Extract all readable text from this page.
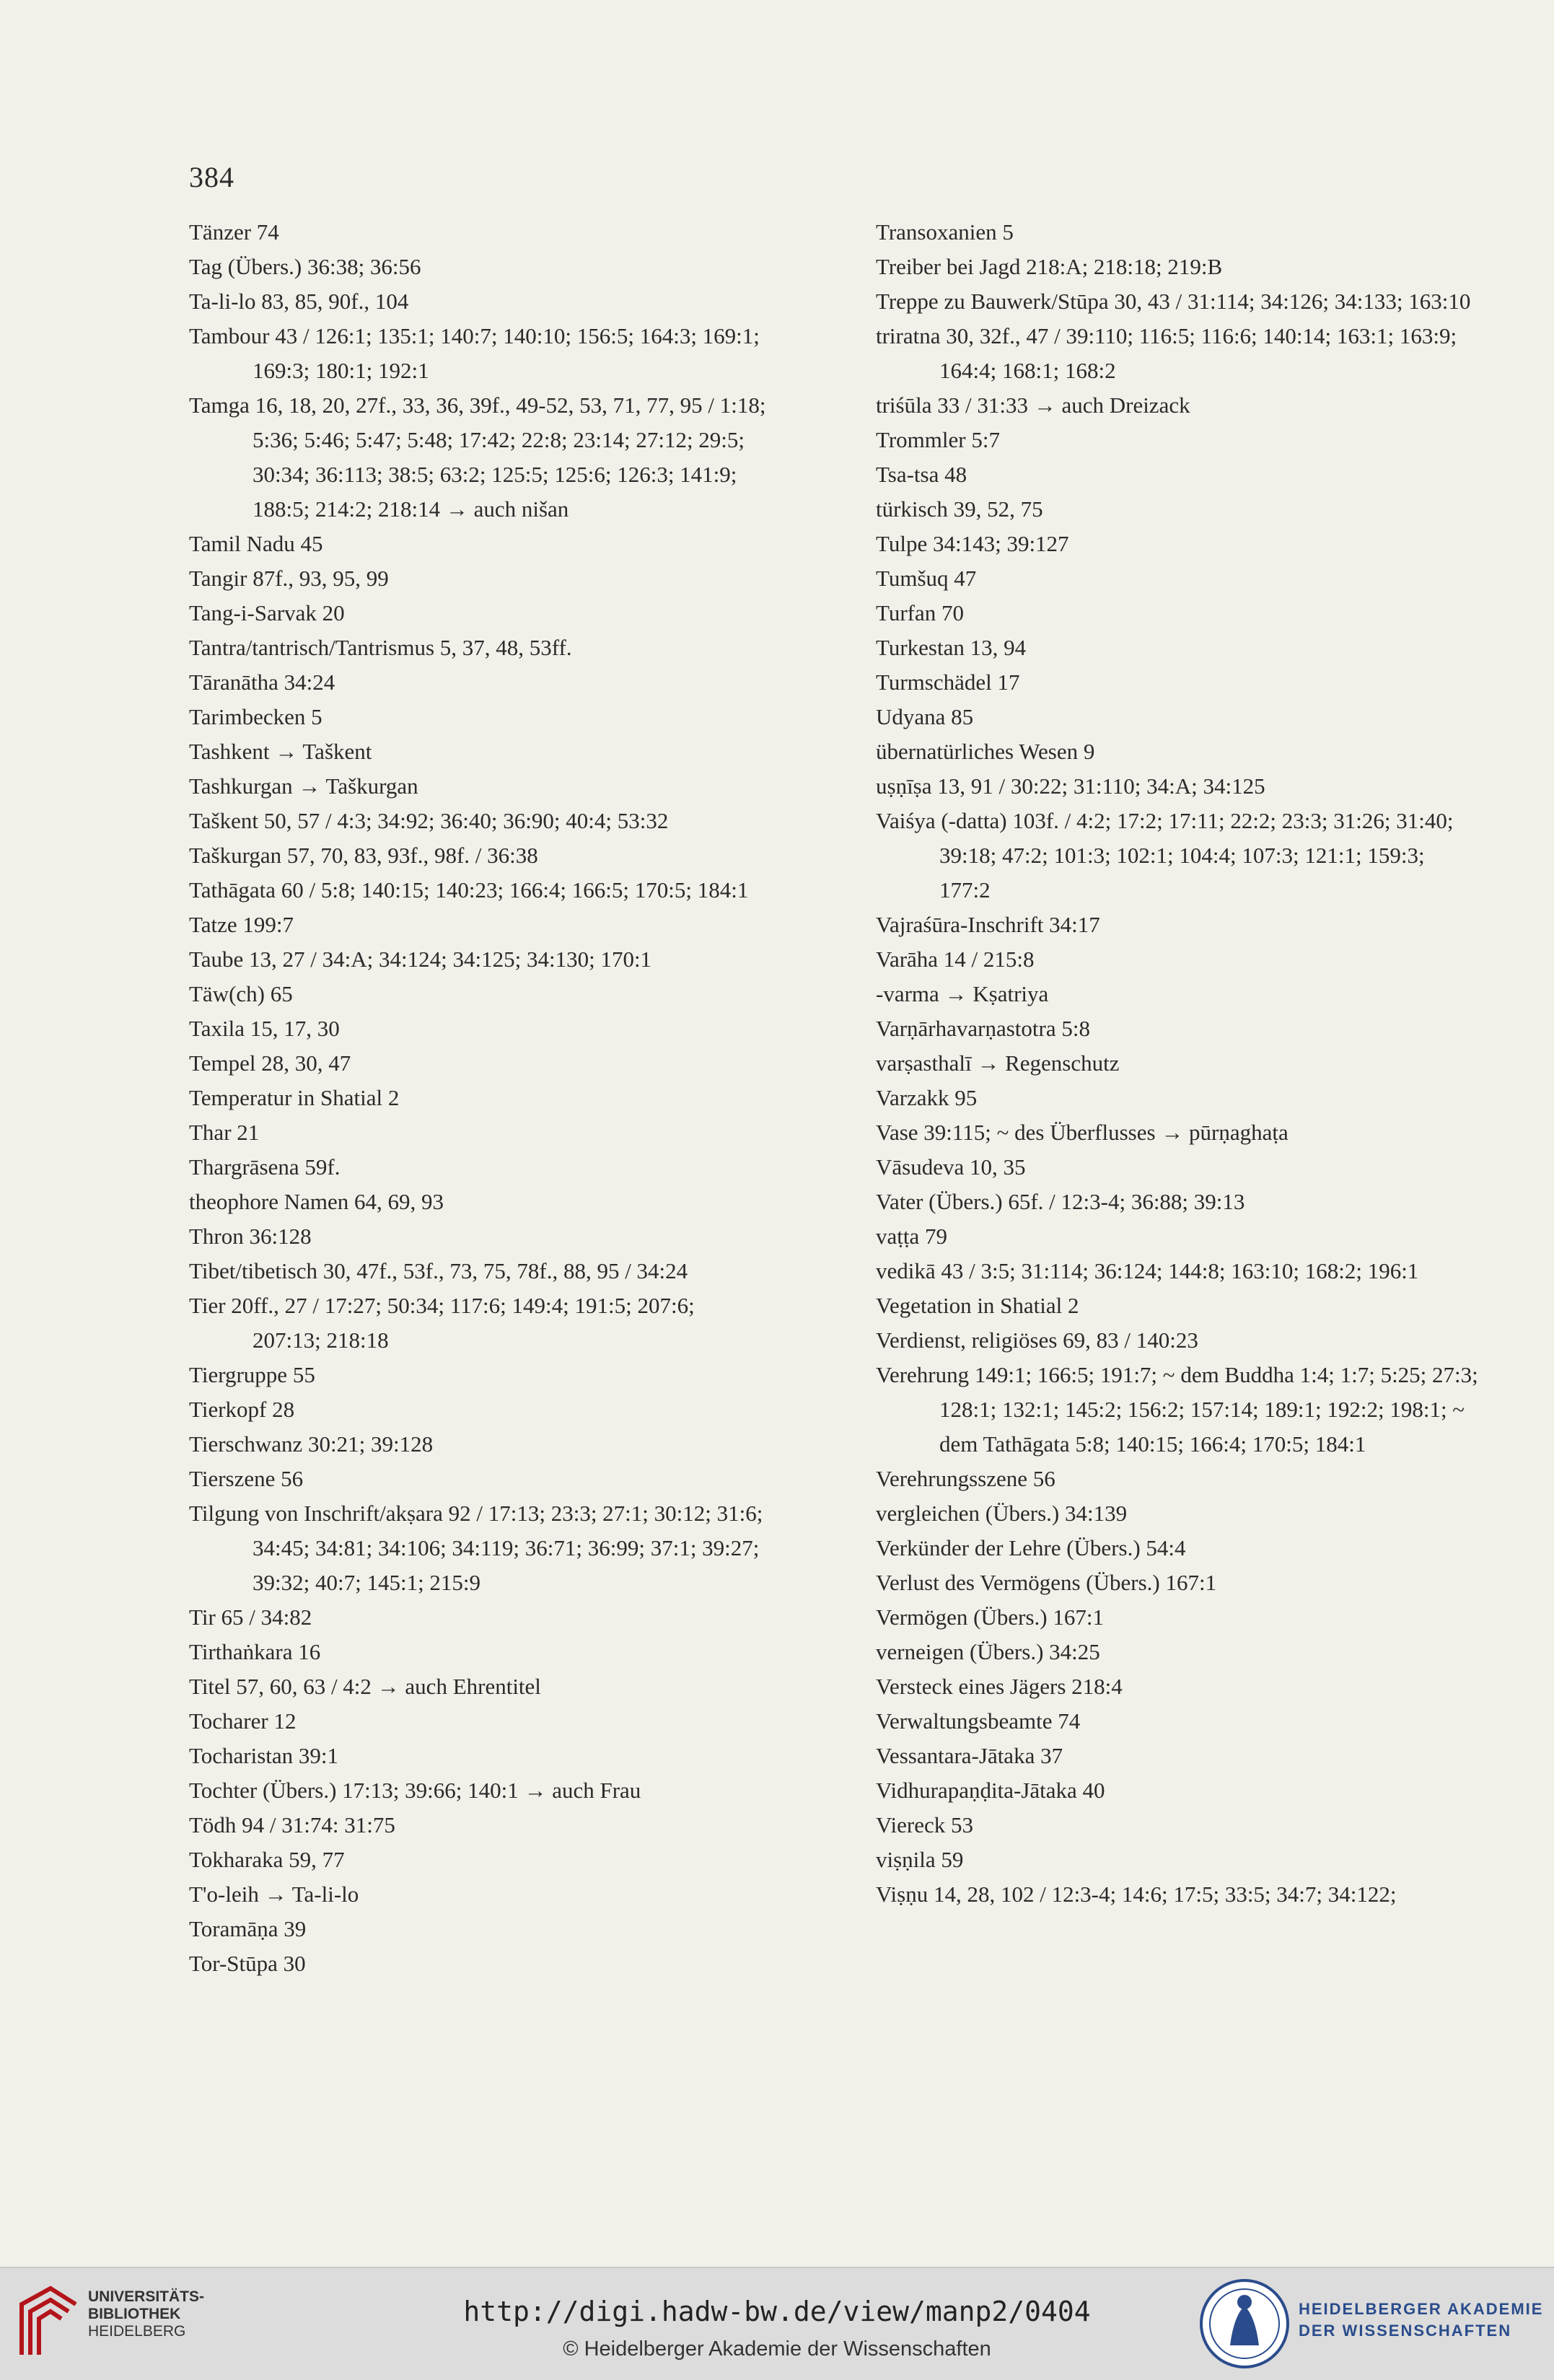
384
Tänzer 74
Tag (Übers.) 36:38; 36:56
Ta-li-lo 83, 85, 90f., 104
Tambour 43 / 126:1; 135:1; 140:7; 140:10; 156:5; 164:3; 169:1; 169:3; 180:1; 192:1
Tamga 16, 18, 20, 27f., 33, 36, 39f., 49-52, 53, 71, 77, 95 / 1:18; 5:36; 5:46; 5:47; 5:48; 17:42; 22:8; 23:14; 27:12; 29:5; 30:34; 36:113; 38:5; 63:2; 125:5; 125:6; 126:3; 141:9; 188:5; 214:2; 218:14 → auch nišan
Tamil Nadu 45
Tangir 87f., 93, 95, 99
Tang-i-Sarvak 20
Tantra/tantrisch/Tantrismus 5, 37, 48, 53ff.
Tāranātha 34:24
Tarimbecken 5
Tashkent → Taškent
Tashkurgan → Taškurgan
Taškent 50, 57 / 4:3; 34:92; 36:40; 36:90; 40:4; 53:32
Taškurgan 57, 70, 83, 93f., 98f. / 36:38
Tathāgata 60 / 5:8; 140:15; 140:23; 166:4; 166:5; 170:5; 184:1
Tatze 199:7
Taube 13, 27 / 34:A; 34:124; 34:125; 34:130; 170:1
Täw(ch) 65
Taxila 15, 17, 30
Tempel 28, 30, 47
Temperatur in Shatial 2
Thar 21
Thargrāsena 59f.
theophore Namen 64, 69, 93
Thron 36:128
Tibet/tibetisch 30, 47f., 53f., 73, 75, 78f., 88, 95 / 34:24
Tier 20ff., 27 / 17:27; 50:34; 117:6; 149:4; 191:5; 207:6; 207:13; 218:18
Tiergruppe 55
Tierkopf 28
Tierschwanz 30:21; 39:128
Tierszene 56
Tilgung von Inschrift/akṣara 92 / 17:13; 23:3; 27:1; 30:12; 31:6; 34:45; 34:81; 34:106; 34:119; 36:71; 36:99; 37:1; 39:27; 39:32; 40:7; 145:1; 215:9
Tir 65 / 34:82
Tirthaṅkara 16
Titel 57, 60, 63 / 4:2 → auch Ehrentitel
Tocharer 12
Tocharistan 39:1
Tochter (Übers.) 17:13; 39:66; 140:1 → auch Frau
Tödh 94 / 31:74: 31:75
Tokharaka 59, 77
T'o-leih → Ta-li-lo
Toramāṇa 39
Tor-Stūpa 30
Transoxanien 5
Treiber bei Jagd 218:A; 218:18; 219:B
Treppe zu Bauwerk/Stūpa 30, 43 / 31:114; 34:126; 34:133; 163:10
triratna 30, 32f., 47 / 39:110; 116:5; 116:6; 140:14; 163:1; 163:9; 164:4; 168:1; 168:2
triśūla 33 / 31:33 → auch Dreizack
Trommler 5:7
Tsa-tsa 48
türkisch 39, 52, 75
Tulpe 34:143; 39:127
Tumšuq 47
Turfan 70
Turkestan 13, 94
Turmschädel 17
Udyana 85
übernatürliches Wesen 9
uṣṇīṣa 13, 91 / 30:22; 31:110; 34:A; 34:125
Vaiśya (-datta) 103f. / 4:2; 17:2; 17:11; 22:2; 23:3; 31:26; 31:40; 39:18; 47:2; 101:3; 102:1; 104:4; 107:3; 121:1; 159:3; 177:2
Vajraśūra-Inschrift 34:17
Varāha 14 / 215:8
-varma → Kṣatriya
Varṇārhavarṇastotra 5:8
varṣasthalī → Regenschutz
Varzakk 95
Vase 39:115; ~ des Überflusses → pūrṇaghaṭa
Vāsudeva 10, 35
Vater (Übers.) 65f. / 12:3-4; 36:88; 39:13
vaṭṭa 79
vedikā 43 / 3:5; 31:114; 36:124; 144:8; 163:10; 168:2; 196:1
Vegetation in Shatial 2
Verdienst, religiöses 69, 83 / 140:23
Verehrung 149:1; 166:5; 191:7; ~ dem Buddha 1:4; 1:7; 5:25; 27:3; 128:1; 132:1; 145:2; 156:2; 157:14; 189:1; 192:2; 198:1; ~ dem Tathāgata 5:8; 140:15; 166:4; 170:5; 184:1
Verehrungsszene 56
vergleichen (Übers.) 34:139
Verkünder der Lehre (Übers.) 54:4
Verlust des Vermögens (Übers.) 167:1
Vermögen (Übers.) 167:1
verneigen (Übers.) 34:25
Versteck eines Jägers 218:4
Verwaltungsbeamte 74
Vessantara-Jātaka 37
Vidhurapaṇḍita-Jātaka 40
Viereck 53
viṣṇila 59
Viṣṇu 14, 28, 102 / 12:3-4; 14:6; 17:5; 33:5; 34:7; 34:122;
UNIVERSITÄTS-
BIBLIOTHEK
HEIDELBERG
http://digi.hadw-bw.de/view/manp2/0404
© Heidelberger Akademie der Wissenschaften
HEIDELBERGER AKADEMIE
DER WISSENSCHAFTEN
